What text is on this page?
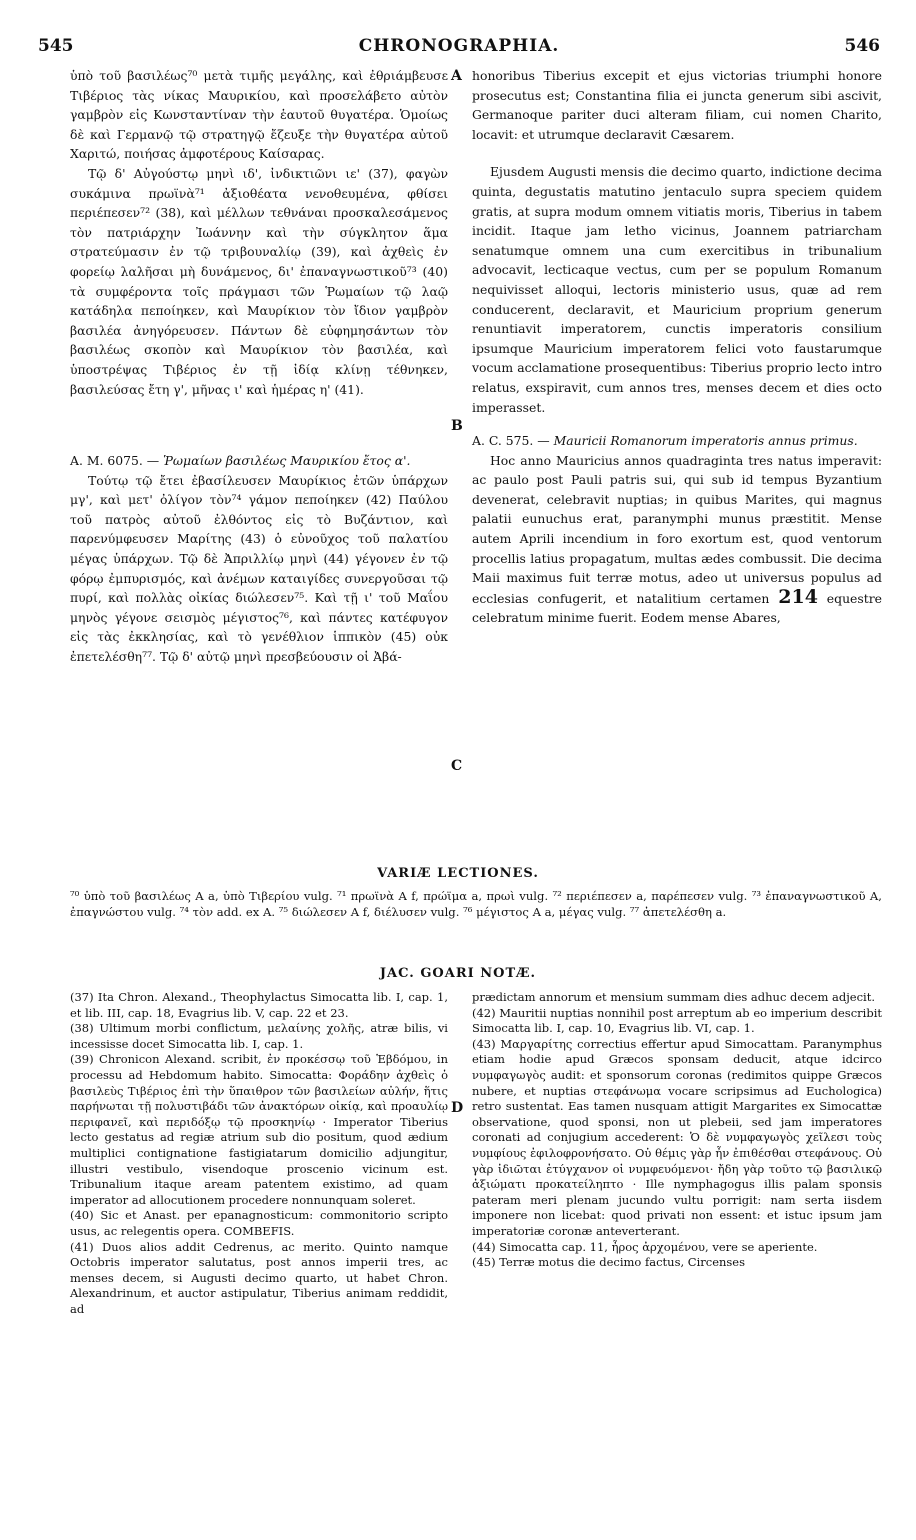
545	CHRONOGRAPHIA.	546
A
B
C
D

ὑπὸ τοῦ βασιλέως⁷⁰ μετὰ τιμῆς μεγάλης, καὶ ἐθριάμβευσε Τιβέριος τὰς νίκας Μαυρικίου, καὶ προσελάβετο αὐτὸν γαμβρὸν εἰς Κωνσταντίναν τὴν ἑαυτοῦ θυγατέρα. Ὁμοίως δὲ καὶ Γερμανῷ τῷ στρατηγῷ ἔζευξε τὴν θυγατέρα αὐτοῦ Χαριτώ, ποιήσας ἀμφοτέρους Καίσαρας.

Τῷ δ' Αὐγούστῳ μηνὶ ιδ', ἰνδικτιῶνι ιε' (37), φαγὼν συκάμινα πρωϊνὰ⁷¹ ἀξιοθέατα νενοθευμένα, φθίσει περιέπεσεν⁷² (38), καὶ μέλλων τεθνάναι προσκαλεσάμενος τὸν πατριάρχην Ἰωάννην καὶ τὴν σύγκλητον ἅμα στρατεύμασιν ἐν τῷ τριβουναλίῳ (39), καὶ ἀχθεὶς ἐν φορείῳ λαλῆσαι μὴ δυνάμενος, δι' ἐπαναγνωστικοῦ⁷³ (40) τὰ συμφέροντα τοῖς πράγμασι τῶν Ῥωμαίων τῷ λαῷ κατάδηλα πεποίηκεν, καὶ Μαυρίκιον τὸν ἴδιον γαμβρὸν βασιλέα ἀνηγόρευσεν. Πάντων δὲ εὐφημησάντων τὸν βασιλέως σκοπὸν καὶ Μαυρίκιον τὸν βασιλέα, καὶ ὑποστρέψας Τιβέριος ἐν τῇ ἰδίᾳ κλίνῃ τέθνηκεν, βασιλεύσας ἔτη γ', μῆνας ι' καὶ ἡμέρας η' (41).

A. M. 6075. — Ῥωμαίων βασιλέως Μαυρικίου ἔτος α'.

Τούτῳ τῷ ἔτει ἐβασίλευσεν Μαυρίκιος ἐτῶν ὑπάρχων μγ', καὶ μετ' ὀλίγον τὸν⁷⁴ γάμον πεποίηκεν (42) Παύλου τοῦ πατρὸς αὐτοῦ ἐλθόντος εἰς τὸ Βυζάντιον, καὶ παρενύμφευσεν Μαρίτης (43) ὁ εὐνοῦχος τοῦ παλατίου μέγας ὑπάρχων. Τῷ δὲ Ἀπριλλίῳ μηνὶ (44) γέγονεν ἐν τῷ φόρῳ ἐμπυρισμός, καὶ ἀνέμων καταιγίδες συνεργοῦσαι τῷ πυρί, καὶ πολλὰς οἰκίας διώλεσεν⁷⁵. Καὶ τῇ ι' τοῦ Μαΐου μηνὸς γέγονε σεισμὸς μέγιστος⁷⁶, καὶ πάντες κατέφυγον εἰς τὰς ἐκκλησίας, καὶ τὸ γενέθλιον ἱππικὸν (45) οὐκ ἐπετελέσθη⁷⁷. Τῷ δ' αὐτῷ μηνὶ πρεσβεύουσιν οἱ Ἀβά-

honoribus Tiberius excepit et ejus victorias triumphi honore prosecutus est; Constantina filia ei juncta generum sibi ascivit, Germanoque pariter duci alteram filiam, cui nomen Charito, locavit: et utrumque declaravit Cæsarem.

Ejusdem Augusti mensis die decimo quarto, indictione decima quinta, degustatis matutino jentaculo supra speciem quidem gratis, at supra modum omnem vitiatis moris, Tiberius in tabem incidit. Itaque jam letho vicinus, Joannem patriarcham senatumque omnem una cum exercitibus in tribunalium advocavit, lecticaque vectus, cum per se populum Romanum nequivisset alloqui, lectoris ministerio usus, quæ ad rem conducerent, declaravit, et Mauricium proprium generum renuntiavit imperatorem, cunctis imperatoris consilium ipsumque Mauricium imperatorem felici voto faustarumque vocum acclamatione prosequentibus: Tiberius proprio lecto intro relatus, exspiravit, cum annos tres, menses decem et dies octo imperasset.

A. C. 575. — Mauricii Romanorum imperatoris annus primus.

Hoc anno Mauricius annos quadraginta tres natus imperavit: ac paulo post Pauli patris sui, qui sub id tempus Byzantium devenerat, celebravit nuptias; in quibus Marites, qui magnus palatii eunuchus erat, paranymphi munus præstitit. Mense autem Aprili incendium in foro exortum est, quod ventorum procellis latius propagatum, multas ædes combussit. Die decima Maii maximus fuit terræ motus, adeo ut universus populus ad ecclesias confugerit, et natalitium certamen 214 equestre celebratum minime fuerit. Eodem mense Abares,

VARIÆ LECTIONES.

⁷⁰ ὑπὸ τοῦ βασιλέως A a, ὑπὸ Τιβερίου vulg. ⁷¹ πρωϊνὰ A f, πρώϊμα a, πρωὶ vulg. ⁷² περιέπεσεν a, παρέπεσεν vulg. ⁷³ ἐπαναγνωστικοῦ A, ἐπαγνώστου vulg. ⁷⁴ τὸν add. ex A. ⁷⁵ διώλεσεν A f, διέλυσεν vulg. ⁷⁶ μέγιστος A a, μέγας vulg. ⁷⁷ ἀπετελέσθη a.

JAC. GOARI NOTÆ.

(37) Ita Chron. Alexand., Theophylactus Simocatta lib. I, cap. 1, et lib. III, cap. 18, Evagrius lib. V, cap. 22 et 23.

(38) Ultimum morbi conflictum, μελαίνης χολῆς, atræ bilis, vi incessisse docet Simocatta lib. I, cap. 1.

(39) Chronicon Alexand. scribit, ἐν προκέσσῳ τοῦ Ἑβδόμου, in processu ad Hebdomum habito. Simocatta: Φοράδην ἀχθεὶς ὁ βασιλεὺς Τιβέριος ἐπὶ τὴν ὕπαιθρον τῶν βασιλείων αὐλήν, ἥτις παρήνωται τῇ πολυστιβάδι τῶν ἀνακτόρων οἰκίᾳ, καὶ προαυλίῳ περιφανεῖ, καὶ περιδόξῳ τῷ προσκηνίῳ · Imperator Tiberius lecto gestatus ad regiæ atrium sub dio positum, quod ædium multiplici contignatione fastigiatarum domicilio adjungitur, illustri vestibulo, visendoque proscenio vicinum est. Tribunalium itaque aream patentem existimo, ad quam imperator ad allocutionem procedere nonnunquam soleret.

(40) Sic et Anast. per epanagnosticum: commonitorio scripto usus, ac relegentis opera. COMBEFIS.

(41) Duos alios addit Cedrenus, ac merito. Quinto namque Octobris imperator salutatus, post annos imperii tres, ac menses decem, si Augusti decimo quarto, ut habet Chron. Alexandrinum, et auctor astipulatur, Tiberius animam reddidit, ad

prædictam annorum et mensium summam dies adhuc decem adjecit.

(42) Mauritii nuptias nonnihil post arreptum ab eo imperium describit Simocatta lib. I, cap. 10, Evagrius lib. VI, cap. 1.

(43) Μαργαρίτης correctius effertur apud Simocattam. Paranymphus etiam hodie apud Græcos sponsam deducit, atque idcirco νυμφαγωγὸς audit: et sponsorum coronas (redimitos quippe Græcos nubere, et nuptias στεφάνωμα vocare scripsimus ad Euchologica) retro sustentat. Eas tamen nusquam attigit Margarites ex Simocattæ observatione, quod sponsi, non ut plebeii, sed jam imperatores coronati ad conjugium accederent: Ὁ δὲ νυμφαγωγὸς χεῖλεσι τοὺς νυμφίους ἐφιλοφρονήσατο. Οὐ θέμις γὰρ ἦν ἐπιθέσθαι στεφάνους. Οὐ γὰρ ἰδιῶται ἐτύγχανον οἱ νυμφευόμενοι· ἤδη γὰρ τοῦτο τῷ βασιλικῷ ἀξιώματι προκατείληπτο · Ille nymphagogus illis palam sponsis pateram meri plenam jucundo vultu porrigit: nam serta iisdem imponere non licebat: quod privati non essent: et istuc ipsum jam imperatoriæ coronæ anteverterant.

(44) Simocatta cap. 11, ἦρος ἀρχομένου, vere se aperiente.

(45) Terræ motus die decimo factus, Circenses
